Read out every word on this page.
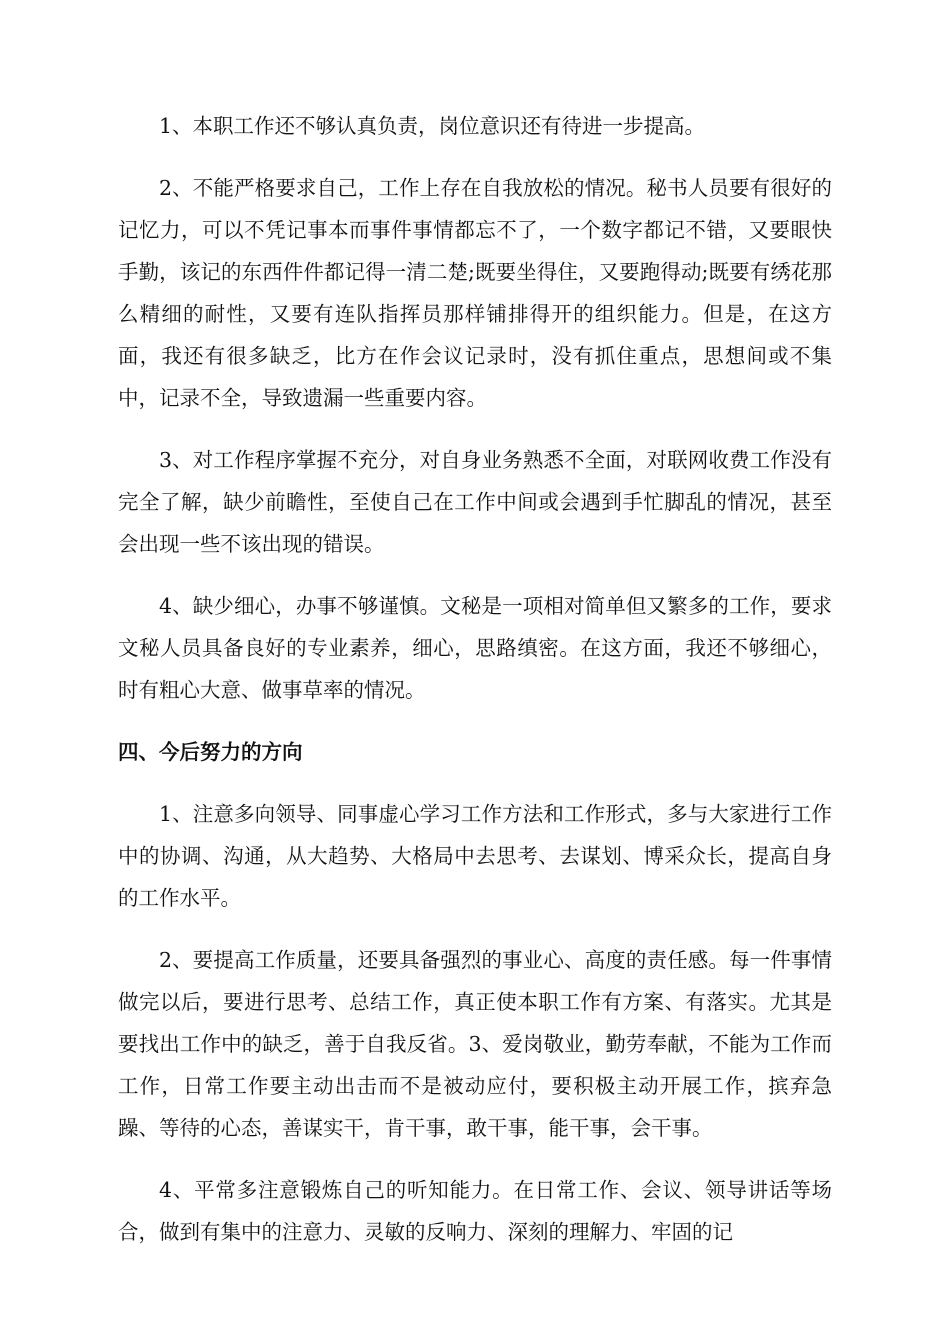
1、本职工作还不够认真负责，岗位意识还有待进一步提高。

2、不能严格要求自己，工作上存在自我放松的情况。秘书人员要有很好的记忆力，可以不凭记事本而事件事情都忘不了，一个数字都记不错，又要眼快手勤，该记的东西件件都记得一清二楚;既要坐得住，又要跑得动;既要有绣花那么精细的耐性，又要有连队指挥员那样铺排得开的组织能力。但是，在这方面，我还有很多缺乏，比方在作会议记录时，没有抓住重点，思想间或不集中，记录不全，导致遗漏一些重要内容。

3、对工作程序掌握不充分，对自身业务熟悉不全面，对联网收费工作没有完全了解，缺少前瞻性，至使自己在工作中间或会遇到手忙脚乱的情况，甚至会出现一些不该出现的错误。

4、缺少细心，办事不够谨慎。文秘是一项相对简单但又繁多的工作，要求文秘人员具备良好的专业素养，细心，思路缜密。在这方面，我还不够细心，时有粗心大意、做事草率的情况。

四、今后努力的方向

1、注意多向领导、同事虚心学习工作方法和工作形式，多与大家进行工作中的协调、沟通，从大趋势、大格局中去思考、去谋划、博采众长，提高自身的工作水平。

2、要提高工作质量，还要具备强烈的事业心、高度的责任感。每一件事情做完以后，要进行思考、总结工作，真正使本职工作有方案、有落实。尤其是要找出工作中的缺乏，善于自我反省。3、爱岗敬业，勤劳奉献，不能为工作而工作，日常工作要主动出击而不是被动应付，要积极主动开展工作，摈弃急躁、等待的心态，善谋实干，肯干事，敢干事，能干事，会干事。

4、平常多注意锻炼自己的听知能力。在日常工作、会议、领导讲话等场合，做到有集中的注意力、灵敏的反响力、深刻的理解力、牢固的记
